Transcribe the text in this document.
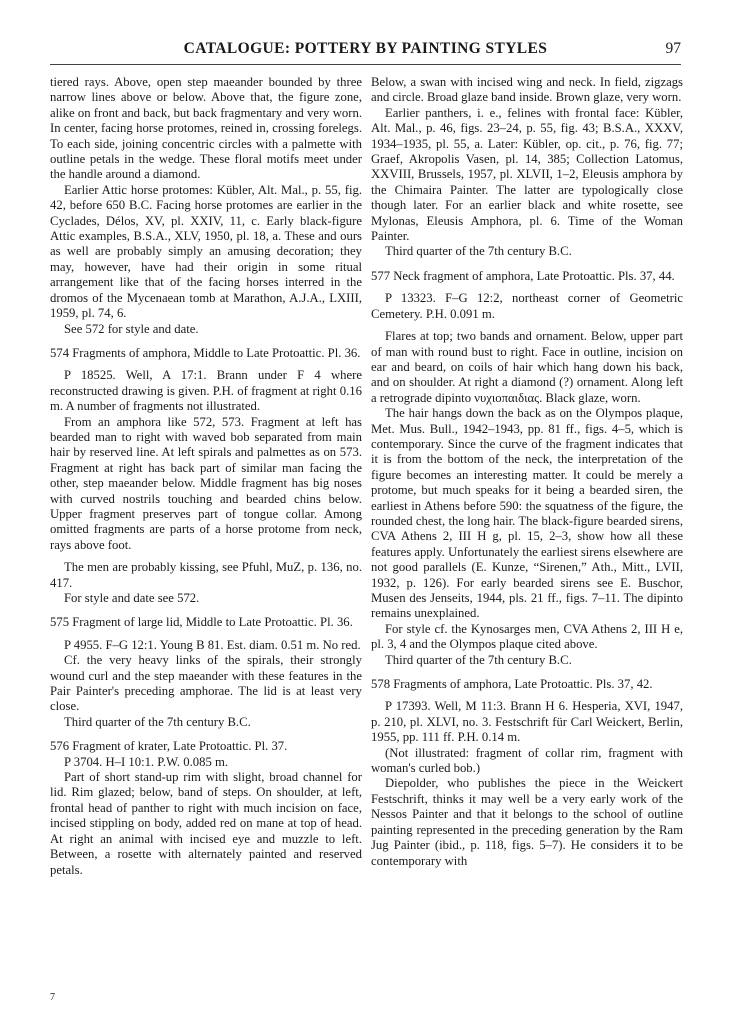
CATALOGUE: POTTERY BY PAINTING STYLES	97

tiered rays. Above, open step maeander bounded by three narrow lines above or below. Above that, the figure zone, alike on front and back, but back fragmentary and very worn. In center, facing horse protomes, reined in, crossing forelegs. To each side, joining concentric circles with a palmette with outline petals in the wedge. These floral motifs meet under the handle around a diamond.

Earlier Attic horse protomes: Kübler, Alt. Mal., p. 55, fig. 42, before 650 B.C. Facing horse protomes are earlier in the Cyclades, Délos, XV, pl. XXIV, 11, c. Early black-figure Attic examples, B.S.A., XLV, 1950, pl. 18, a. These and ours as well are probably simply an amusing decoration; they may, however, have had their origin in some ritual arrangement like that of the facing horses interred in the dromos of the Mycenaean tomb at Marathon, A.J.A., LXIII, 1959, pl. 74, 6.

See 572 for style and date.

574 Fragments of amphora, Middle to Late Protoattic. Pl. 36.

P 18525. Well, A 17:1. Brann under F 4 where reconstructed drawing is given. P.H. of fragment at right 0.16 m. A number of fragments not illustrated.

From an amphora like 572, 573. Fragment at left has bearded man to right with waved bob separated from main hair by reserved line. At left spirals and palmettes as on 573. Fragment at right has back part of similar man facing the other, step maeander below. Middle fragment has big noses with curved nostrils touching and bearded chins below. Upper fragment preserves part of tongue collar. Among omitted fragments are parts of a horse protome from neck, rays above foot.

The men are probably kissing, see Pfuhl, MuZ, p. 136, no. 417.

For style and date see 572.

575 Fragment of large lid, Middle to Late Protoattic. Pl. 36.

P 4955. F–G 12:1. Young B 81. Est. diam. 0.51 m. No red.

Cf. the very heavy links of the spirals, their strongly wound curl and the step maeander with these features in the Pair Painter's preceding amphorae. The lid is at least very close.

Third quarter of the 7th century B.C.

576 Fragment of krater, Late Protoattic. Pl. 37.

P 3704. H–I 10:1. P.W. 0.085 m.

Part of short stand-up rim with slight, broad channel for lid. Rim glazed; below, band of steps. On shoulder, at left, frontal head of panther to right with much incision on face, incised stippling on body, added red on mane at top of head. At right an animal with incised eye and muzzle to left. Between, a rosette with alternately painted and reserved petals.

Below, a swan with incised wing and neck. In field, zigzags and circle. Broad glaze band inside. Brown glaze, very worn.

Earlier panthers, i. e., felines with frontal face: Kübler, Alt. Mal., p. 46, figs. 23–24, p. 55, fig. 43; B.S.A., XXXV, 1934–1935, pl. 55, a. Later: Kübler, op. cit., p. 76, fig. 77; Graef, Akropolis Vasen, pl. 14, 385; Collection Latomus, XXVIII, Brussels, 1957, pl. XLVII, 1–2, Eleusis amphora by the Chimaira Painter. The latter are typologically close though later. For an earlier black and white rosette, see Mylonas, Eleusis Amphora, pl. 6. Time of the Woman Painter.

Third quarter of the 7th century B.C.

577 Neck fragment of amphora, Late Protoattic. Pls. 37, 44.

P 13323. F–G 12:2, northeast corner of Geometric Cemetery. P.H. 0.091 m.

Flares at top; two bands and ornament. Below, upper part of man with round bust to right. Face in outline, incision on ear and beard, on coils of hair which hang down his back, and on shoulder. At right a diamond (?) ornament. Along left a retrograde dipinto νυχιοπαιδιας. Black glaze, worn.

The hair hangs down the back as on the Olympos plaque, Met. Mus. Bull., 1942–1943, pp. 81 ff., figs. 4–5, which is contemporary. Since the curve of the fragment indicates that it is from the bottom of the neck, the interpretation of the figure becomes an interesting matter. It could be merely a protome, but much speaks for it being a bearded siren, the earliest in Athens before 590: the squatness of the figure, the rounded chest, the long hair. The black-figure bearded sirens, CVA Athens 2, III H g, pl. 15, 2–3, show how all these features apply. Unfortunately the earliest sirens elsewhere are not good parallels (E. Kunze, “Sirenen,” Ath., Mitt., LVII, 1932, p. 126). For early bearded sirens see E. Buschor, Musen des Jenseits, 1944, pls. 21 ff., figs. 7–11. The dipinto remains unexplained.

For style cf. the Kynosarges men, CVA Athens 2, III H e, pl. 3, 4 and the Olympos plaque cited above.

Third quarter of the 7th century B.C.

578 Fragments of amphora, Late Protoattic. Pls. 37, 42.

P 17393. Well, M 11:3. Brann H 6. Hesperia, XVI, 1947, p. 210, pl. XLVI, no. 3. Festschrift für Carl Weickert, Berlin, 1955, pp. 111 ff. P.H. 0.14 m.

(Not illustrated: fragment of collar rim, fragment with woman's curled bob.)

Diepolder, who publishes the piece in the Weickert Festschrift, thinks it may well be a very early work of the Nessos Painter and that it belongs to the school of outline painting represented in the preceding generation by the Ram Jug Painter (ibid., p. 118, figs. 5–7). He considers it to be contemporary with

7
